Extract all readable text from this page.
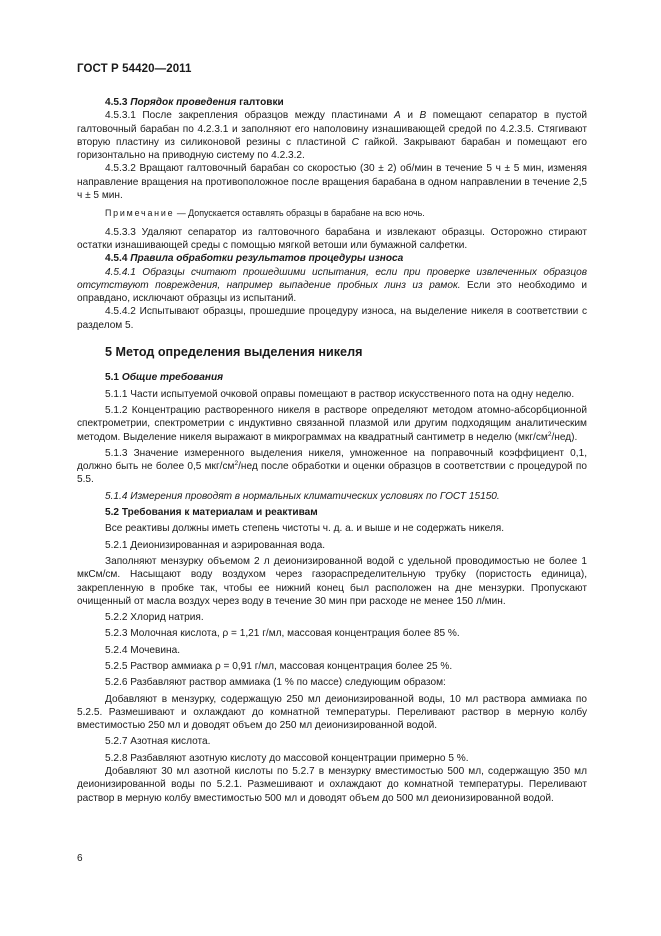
ГОСТ Р 54420—2011

4.5.3 Порядок проведения галтовки

4.5.3.1 После закрепления образцов между пластинами А и В помещают сепаратор в пустой галтовочный барабан по 4.2.3.1 и заполняют его наполовину изнашивающей средой по 4.2.3.5. Стягивают вторую пластину из силиконовой резины с пластиной С гайкой. Закрывают барабан и помещают его горизонтально на приводную систему по 4.2.3.2.

4.5.3.2 Вращают галтовочный барабан со скоростью (30 ± 2) об/мин в течение 5 ч ± 5 мин, изменяя направление вращения на противоположное после вращения барабана в одном направлении в течение 2,5 ч ± 5 мин.

Примечание — Допускается оставлять образцы в барабане на всю ночь.

4.5.3.3 Удаляют сепаратор из галтовочного барабана и извлекают образцы. Осторожно стирают остатки изнашивающей среды с помощью мягкой ветоши или бумажной салфетки.

4.5.4 Правила обработки результатов процедуры износа

4.5.4.1 Образцы считают прошедшими испытания, если при проверке извлеченных образцов отсутствуют повреждения, например выпадение пробных линз из рамок. Если это необходимо и оправдано, исключают образцы из испытаний.

4.5.4.2 Испытывают образцы, прошедшие процедуру износа, на выделение никеля в соответствии с разделом 5.

5 Метод определения выделения никеля

5.1 Общие требования

5.1.1 Части испытуемой очковой оправы помещают в раствор искусственного пота на одну неделю.

5.1.2 Концентрацию растворенного никеля в растворе определяют методом атомно-абсорбционной спектрометрии, спектрометрии с индуктивно связанной плазмой или другим подходящим аналитическим методом. Выделение никеля выражают в микрограммах на квадратный сантиметр в неделю $(мкг/см^2/нед)$.

5.1.3 Значение измеренного выделения никеля, умноженное на поправочный коэффициент 0,1, должно быть не более 0,5 мкг/$см^2$/нед после обработки и оценки образцов в соответствии с процедурой по 5.5.

5.1.4 Измерения проводят в нормальных климатических условиях по ГОСТ 15150.

5.2 Требования к материалам и реактивам

Все реактивы должны иметь степень чистоты ч. д. а. и выше и не содержать никеля.

5.2.1 Деионизированная и аэрированная вода.

Заполняют мензурку объемом 2 л деионизированной водой с удельной проводимостью не более 1 мкСм/см. Насыщают воду воздухом через газораспределительную трубку (пористость единица), закрепленную в пробке так, чтобы ее нижний конец был расположен на дне мензурки. Пропускают очищенный от масла воздух через воду в течение 30 мин при расходе не менее 150 л/мин.

5.2.2 Хлорид натрия.

5.2.3 Молочная кислота, ρ = 1,21 г/мл, массовая концентрация более 85 %.

5.2.4 Мочевина.

5.2.5 Раствор аммиака ρ = 0,91 г/мл, массовая концентрация более 25 %.

5.2.6 Разбавляют раствор аммиака (1 % по массе) следующим образом:

Добавляют в мензурку, содержащую 250 мл деионизированной воды, 10 мл раствора аммиака по 5.2.5. Размешивают и охлаждают до комнатной температуры. Переливают раствор в мерную колбу вместимостью 250 мл и доводят объем до 250 мл деионизированной водой.

5.2.7 Азотная кислота.

5.2.8 Разбавляют азотную кислоту до массовой концентрации примерно 5 %.

Добавляют 30 мл азотной кислоты по 5.2.7 в мензурку вместимостью 500 мл, содержащую 350 мл деионизированной воды по 5.2.1. Размешивают и охлаждают до комнатной температуры. Переливают раствор в мерную колбу вместимостью 500 мл и доводят объем до 500 мл деионизированной водой.

6
